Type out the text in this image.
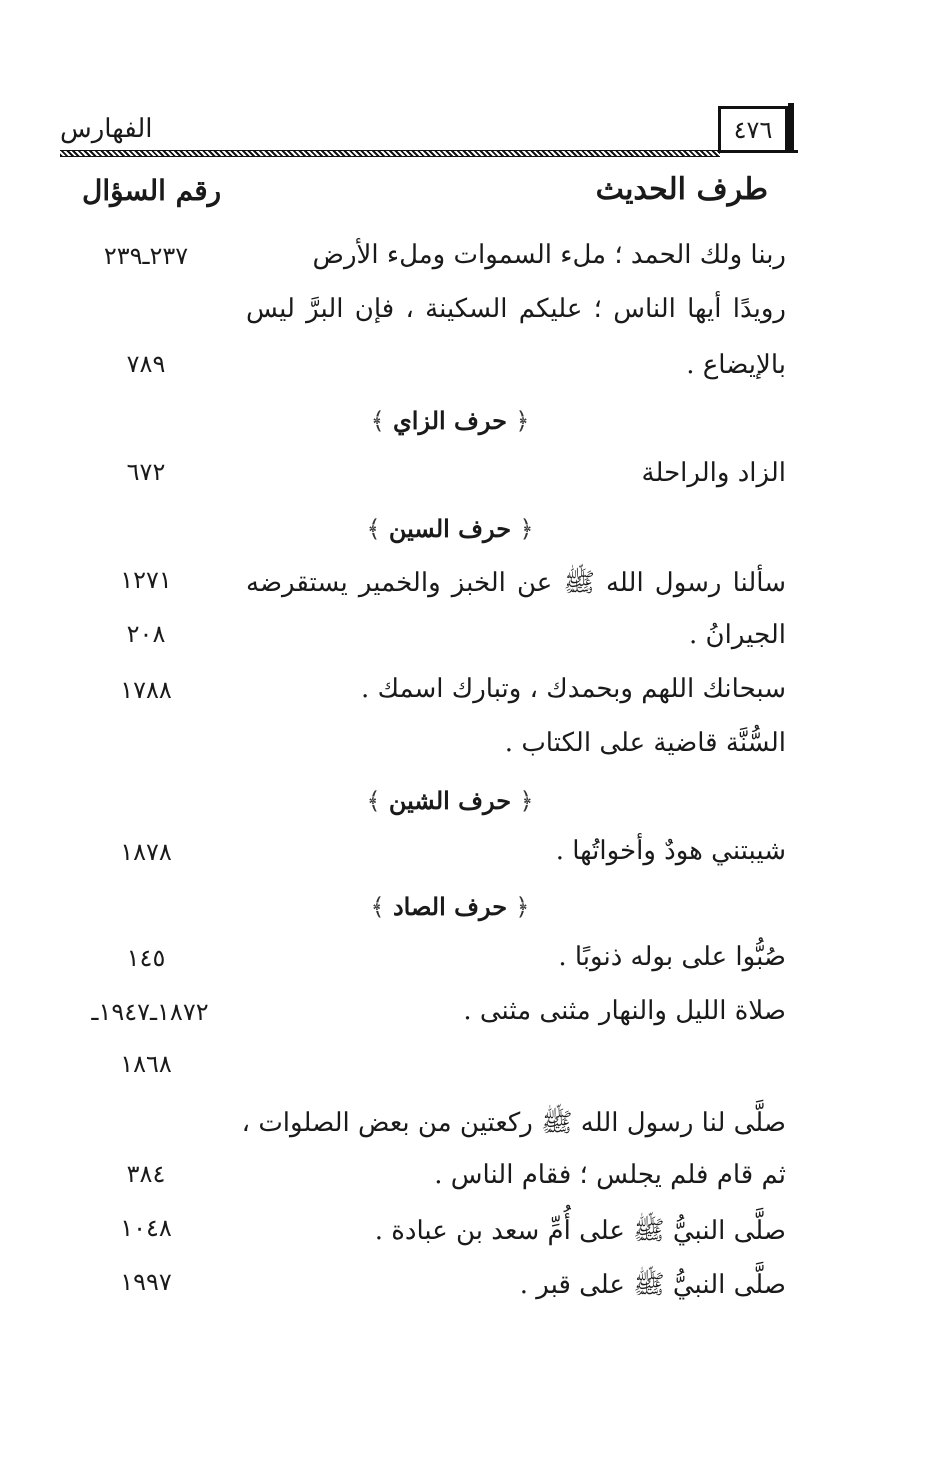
الفهارس	٤٧٦
طرف الحديث
رقم السؤال
ربنا ولك الحمد ؛ ملء السموات وملء الأرض
٢٣٧ـ٢٣٩
رويدًا أيها الناس ؛ عليكم السكينة ، فإن البرَّ ليس
بالإيضاع .
٧٨٩
﴿ حرف الزاي ﴾
الزاد والراحلة
٦٧٢
﴿ حرف السين ﴾
سألنا رسول الله ﷺ عن الخبز والخمير يستقرضه
١٢٧١
الجيرانُ .
٢٠٨
سبحانك اللهم وبحمدك ، وتبارك اسمك .
١٧٨٨
السُّنَّة قاضية على الكتاب .
﴿ حرف الشين ﴾
شيبتني هودٌ وأخواتُها .
١٨٧٨
﴿ حرف الصاد ﴾
صُبُّوا على بوله ذنوبًا .
١٤٥
صلاة الليل والنهار مثنى مثنى .
١٨٧٢ـ١٩٤٧ـ
١٨٦٨
صلَّى لنا رسول الله ﷺ ركعتين من بعض الصلوات ،
ثم قام فلم يجلس ؛ فقام الناس .
٣٨٤
صلَّى النبيُّ ﷺ على أُمِّ سعد بن عبادة .
١٠٤٨
صلَّى النبيُّ ﷺ على قبر .
١٩٩٧
